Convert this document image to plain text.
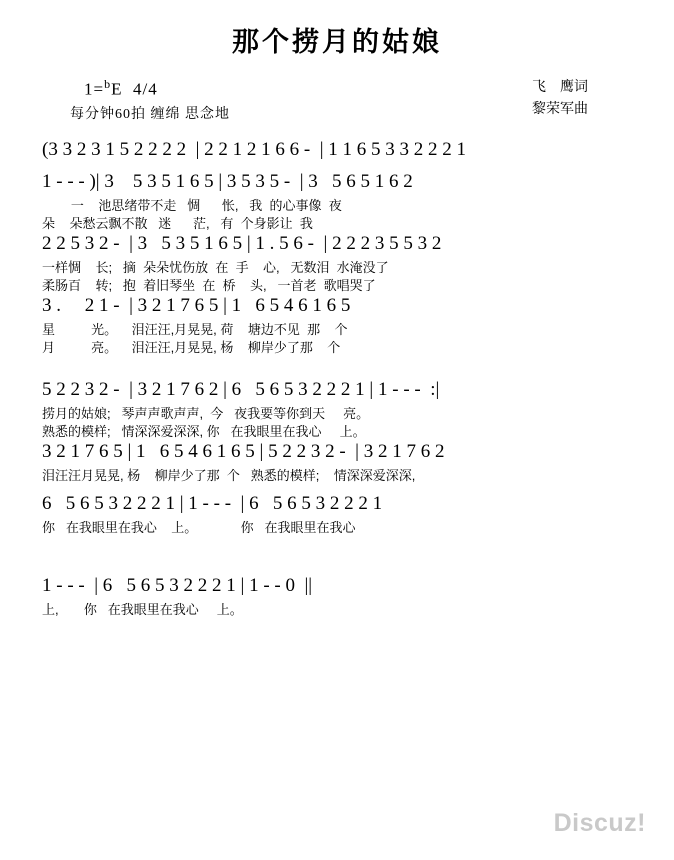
那个捞月的姑娘
1=$^b$E 4/4
每分钟60拍 缠绵 思念地
飞    鹰词
黎荣军曲
(3 3 2 3 1 5 2 2 2 2  | 2 2 1 2 1 6 6 -  | 1 1 6 5 3 3 2 2 2 1
1 - - - )| 3    5 3 5 1 6 5 | 3 5 3 5 -  | 3   5 6 5 1 6 2
一    池思绪带不走   惆      怅,   我  的心事像  夜
朵    朵愁云飘不散   迷      茫,   有  个身影让  我
2 2 5 3 2 -  | 3   5 3 5 1 6 5 | 1 . 5 6 -  | 2 2 2 3 5 5 3 2
一样惆    长;   摘  朵朵忧伤放  在  手    心,   无数泪  水淹没了
柔肠百    转;   抱  着旧琴坐  在  桥    头,   一首老  歌唱哭了
3 .     2 1 -  | 3 2 1 7 6 5 | 1   6 5 4 6 1 6 5
星          光。    泪汪汪,月晃晃, 荷    塘边不见  那    个
月          亮。    泪汪汪,月晃晃, 杨    柳岸少了那    个
5 2 2 3 2 -  | 3 2 1 7 6 2 | 6   5 6 5 3 2 2 2 1 | 1 - - -  :|
捞月的姑娘;   琴声声歌声声,  今   夜我要等你到天     亮。
熟悉的模样;   情深深爱深深, 你   在我眼里在我心     上。
3 2 1 7 6 5 | 1   6 5 4 6 1 6 5 | 5 2 2 3 2 -  | 3 2 1 7 6 2
泪汪汪月晃晃, 杨    柳岸少了那  个   熟悉的模样;    情深深爱深深,
6   5 6 5 3 2 2 2 1 | 1 - - -  | 6   5 6 5 3 2 2 2 1
你   在我眼里在我心    上。            你   在我眼里在我心
1 - - -  | 6   5 6 5 3 2 2 2 1 | 1 - - 0  ||
上,       你   在我眼里在我心     上。
Discuz!
